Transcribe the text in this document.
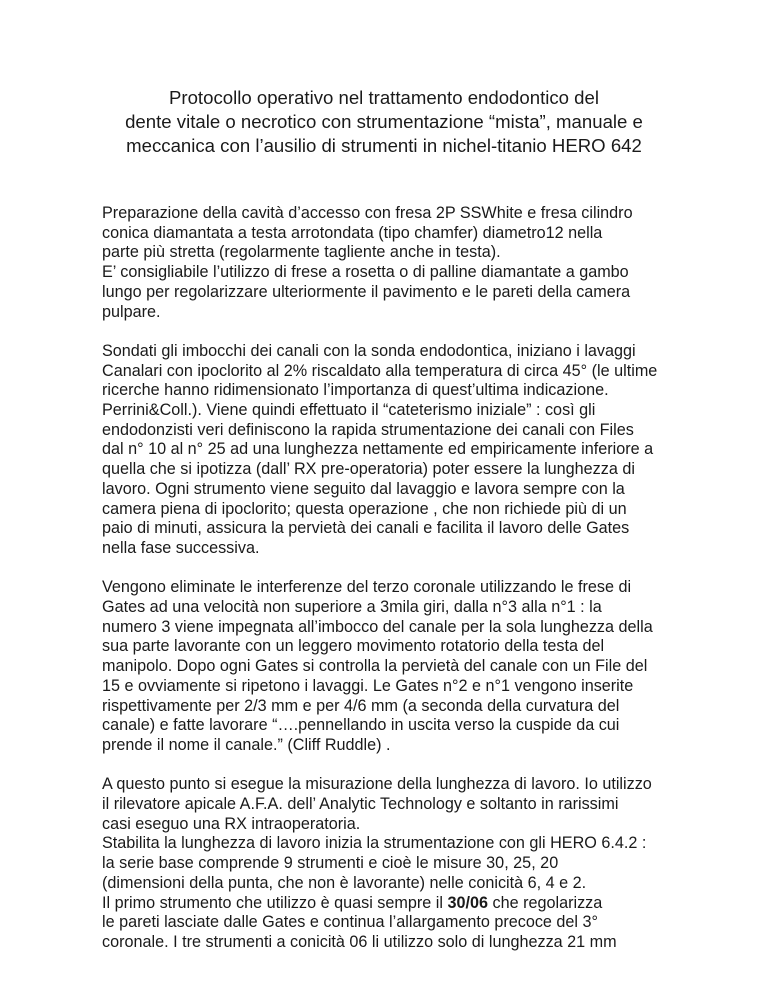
Protocollo operativo nel trattamento endodontico del
dente vitale o necrotico con strumentazione “mista”, manuale e
meccanica con l’ausilio di strumenti in nichel-titanio HERO 642
Preparazione della cavità d’accesso con fresa 2P SSWhite e fresa cilindro
conica diamantata a testa arrotondata (tipo chamfer) diametro12 nella
parte più stretta (regolarmente tagliente anche in testa).
E’ consigliabile l’utilizzo di frese a rosetta o di palline diamantate a gambo
lungo per regolarizzare ulteriormente il pavimento e le pareti della camera
pulpare.
Sondati gli imbocchi dei canali con la sonda endodontica, iniziano i lavaggi
Canalari con ipoclorito al 2% riscaldato alla temperatura di circa 45° (le ultime
ricerche hanno ridimensionato l’importanza di quest’ultima indicazione.
Perrini&Coll.). Viene quindi effettuato il “cateterismo iniziale” : così gli
endodonzisti veri definiscono la rapida strumentazione dei canali con Files
dal n° 10 al n° 25 ad una lunghezza nettamente ed empiricamente inferiore a
quella che si ipotizza (dall’ RX pre-operatoria) poter essere la lunghezza di
lavoro. Ogni strumento viene seguito dal lavaggio e lavora sempre con la
camera piena di ipoclorito; questa operazione , che non richiede più di un
paio di minuti, assicura la pervietà dei canali e facilita il lavoro delle Gates
nella fase successiva.
Vengono eliminate le interferenze del terzo coronale utilizzando le frese di
Gates ad una velocità non superiore a 3mila giri, dalla n°3 alla n°1 : la
numero 3 viene impegnata all’imbocco del canale per la sola lunghezza della
sua parte lavorante con un leggero movimento rotatorio della testa del
manipolo. Dopo ogni Gates si controlla la pervietà del canale con un File del
15 e ovviamente si ripetono i lavaggi. Le Gates n°2 e n°1 vengono inserite
rispettivamente per 2/3 mm e per 4/6 mm (a seconda della curvatura del
canale) e fatte lavorare “….pennellando in uscita verso la cuspide da cui
prende il nome il canale.” (Cliff Ruddle) .
A questo punto si esegue la misurazione della lunghezza di lavoro. Io utilizzo
il rilevatore apicale A.F.A. dell’ Analytic Technology e soltanto in rarissimi
casi eseguo una RX intraoperatoria.
Stabilita la lunghezza di lavoro inizia la strumentazione con gli HERO 6.4.2 :
la serie base comprende 9 strumenti e cioè le misure 30, 25, 20
(dimensioni della punta, che non è lavorante) nelle conicità 6, 4 e 2.
Il primo strumento che utilizzo è quasi sempre il 30/06 che regolarizza
le pareti lasciate dalle Gates e continua l’allargamento precoce del 3°
coronale. I tre strumenti a conicità 06 li utilizzo solo di lunghezza 21 mm
